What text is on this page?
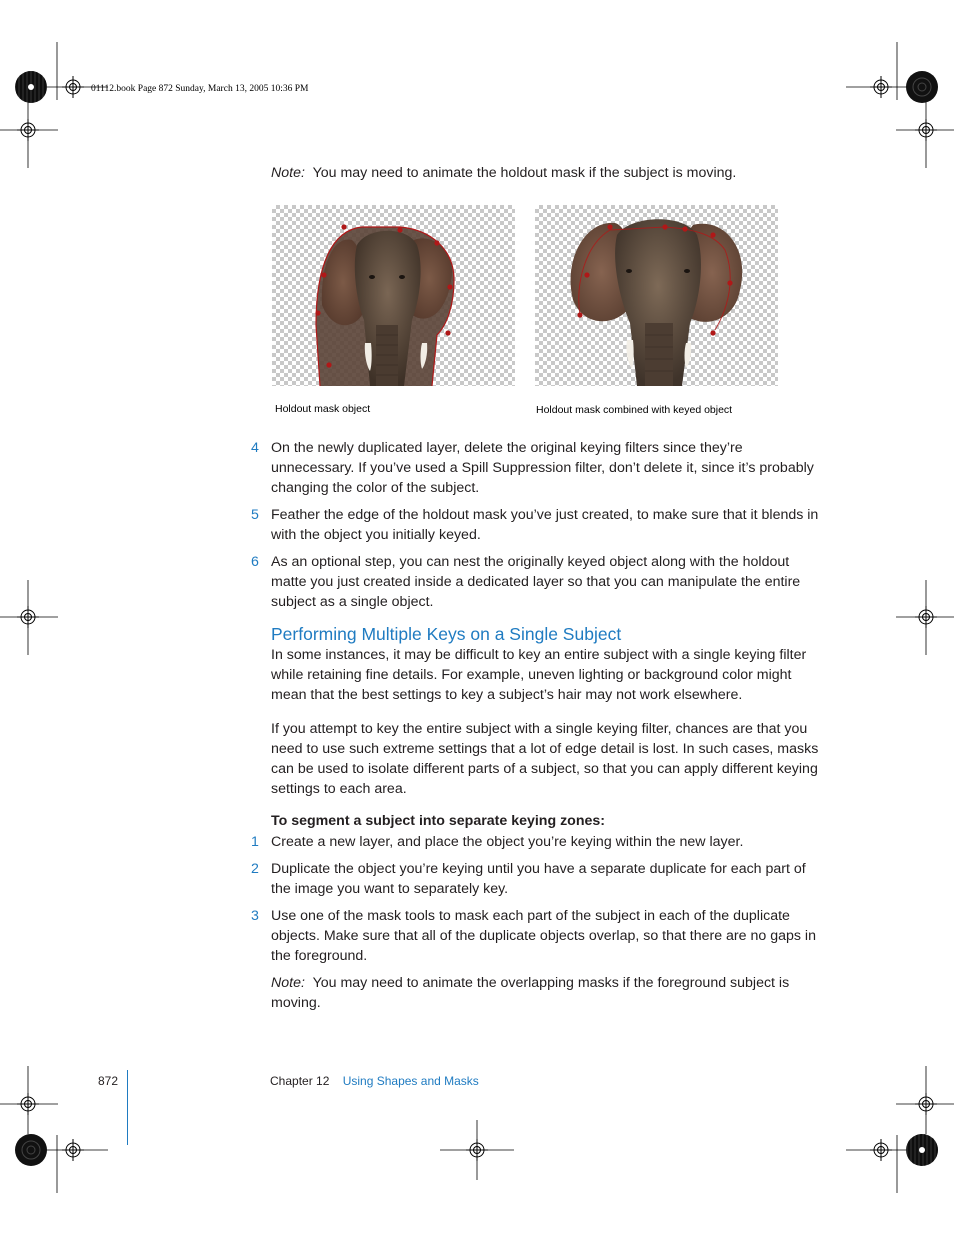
01112.book Page 872 Sunday, March 13, 2005 10:36 PM
Note: You may need to animate the holdout mask if the subject is moving.
Holdout mask object	Holdout mask combined with keyed object
4 On the newly duplicated layer, delete the original keying filters since they’re unnecessary. If you’ve used a Spill Suppression filter, don’t delete it, since it’s probably changing the color of the subject.
5 Feather the edge of the holdout mask you’ve just created, to make sure that it blends in with the object you initially keyed.
6 As an optional step, you can nest the originally keyed object along with the holdout matte you just created inside a dedicated layer so that you can manipulate the entire subject as a single object.
Performing Multiple Keys on a Single Subject
In some instances, it may be difficult to key an entire subject with a single keying filter while retaining fine details. For example, uneven lighting or background color might mean that the best settings to key a subject’s hair may not work elsewhere.
If you attempt to key the entire subject with a single keying filter, chances are that you need to use such extreme settings that a lot of edge detail is lost. In such cases, masks can be used to isolate different parts of a subject, so that you can apply different keying settings to each area.
To segment a subject into separate keying zones:
1 Create a new layer, and place the object you’re keying within the new layer.
2 Duplicate the object you’re keying until you have a separate duplicate for each part of the image you want to separately key.
3 Use one of the mask tools to mask each part of the subject in each of the duplicate objects. Make sure that all of the duplicate objects overlap, so that there are no gaps in the foreground.
Note: You may need to animate the overlapping masks if the foreground subject is moving.
872	Chapter 12 Using Shapes and Masks
